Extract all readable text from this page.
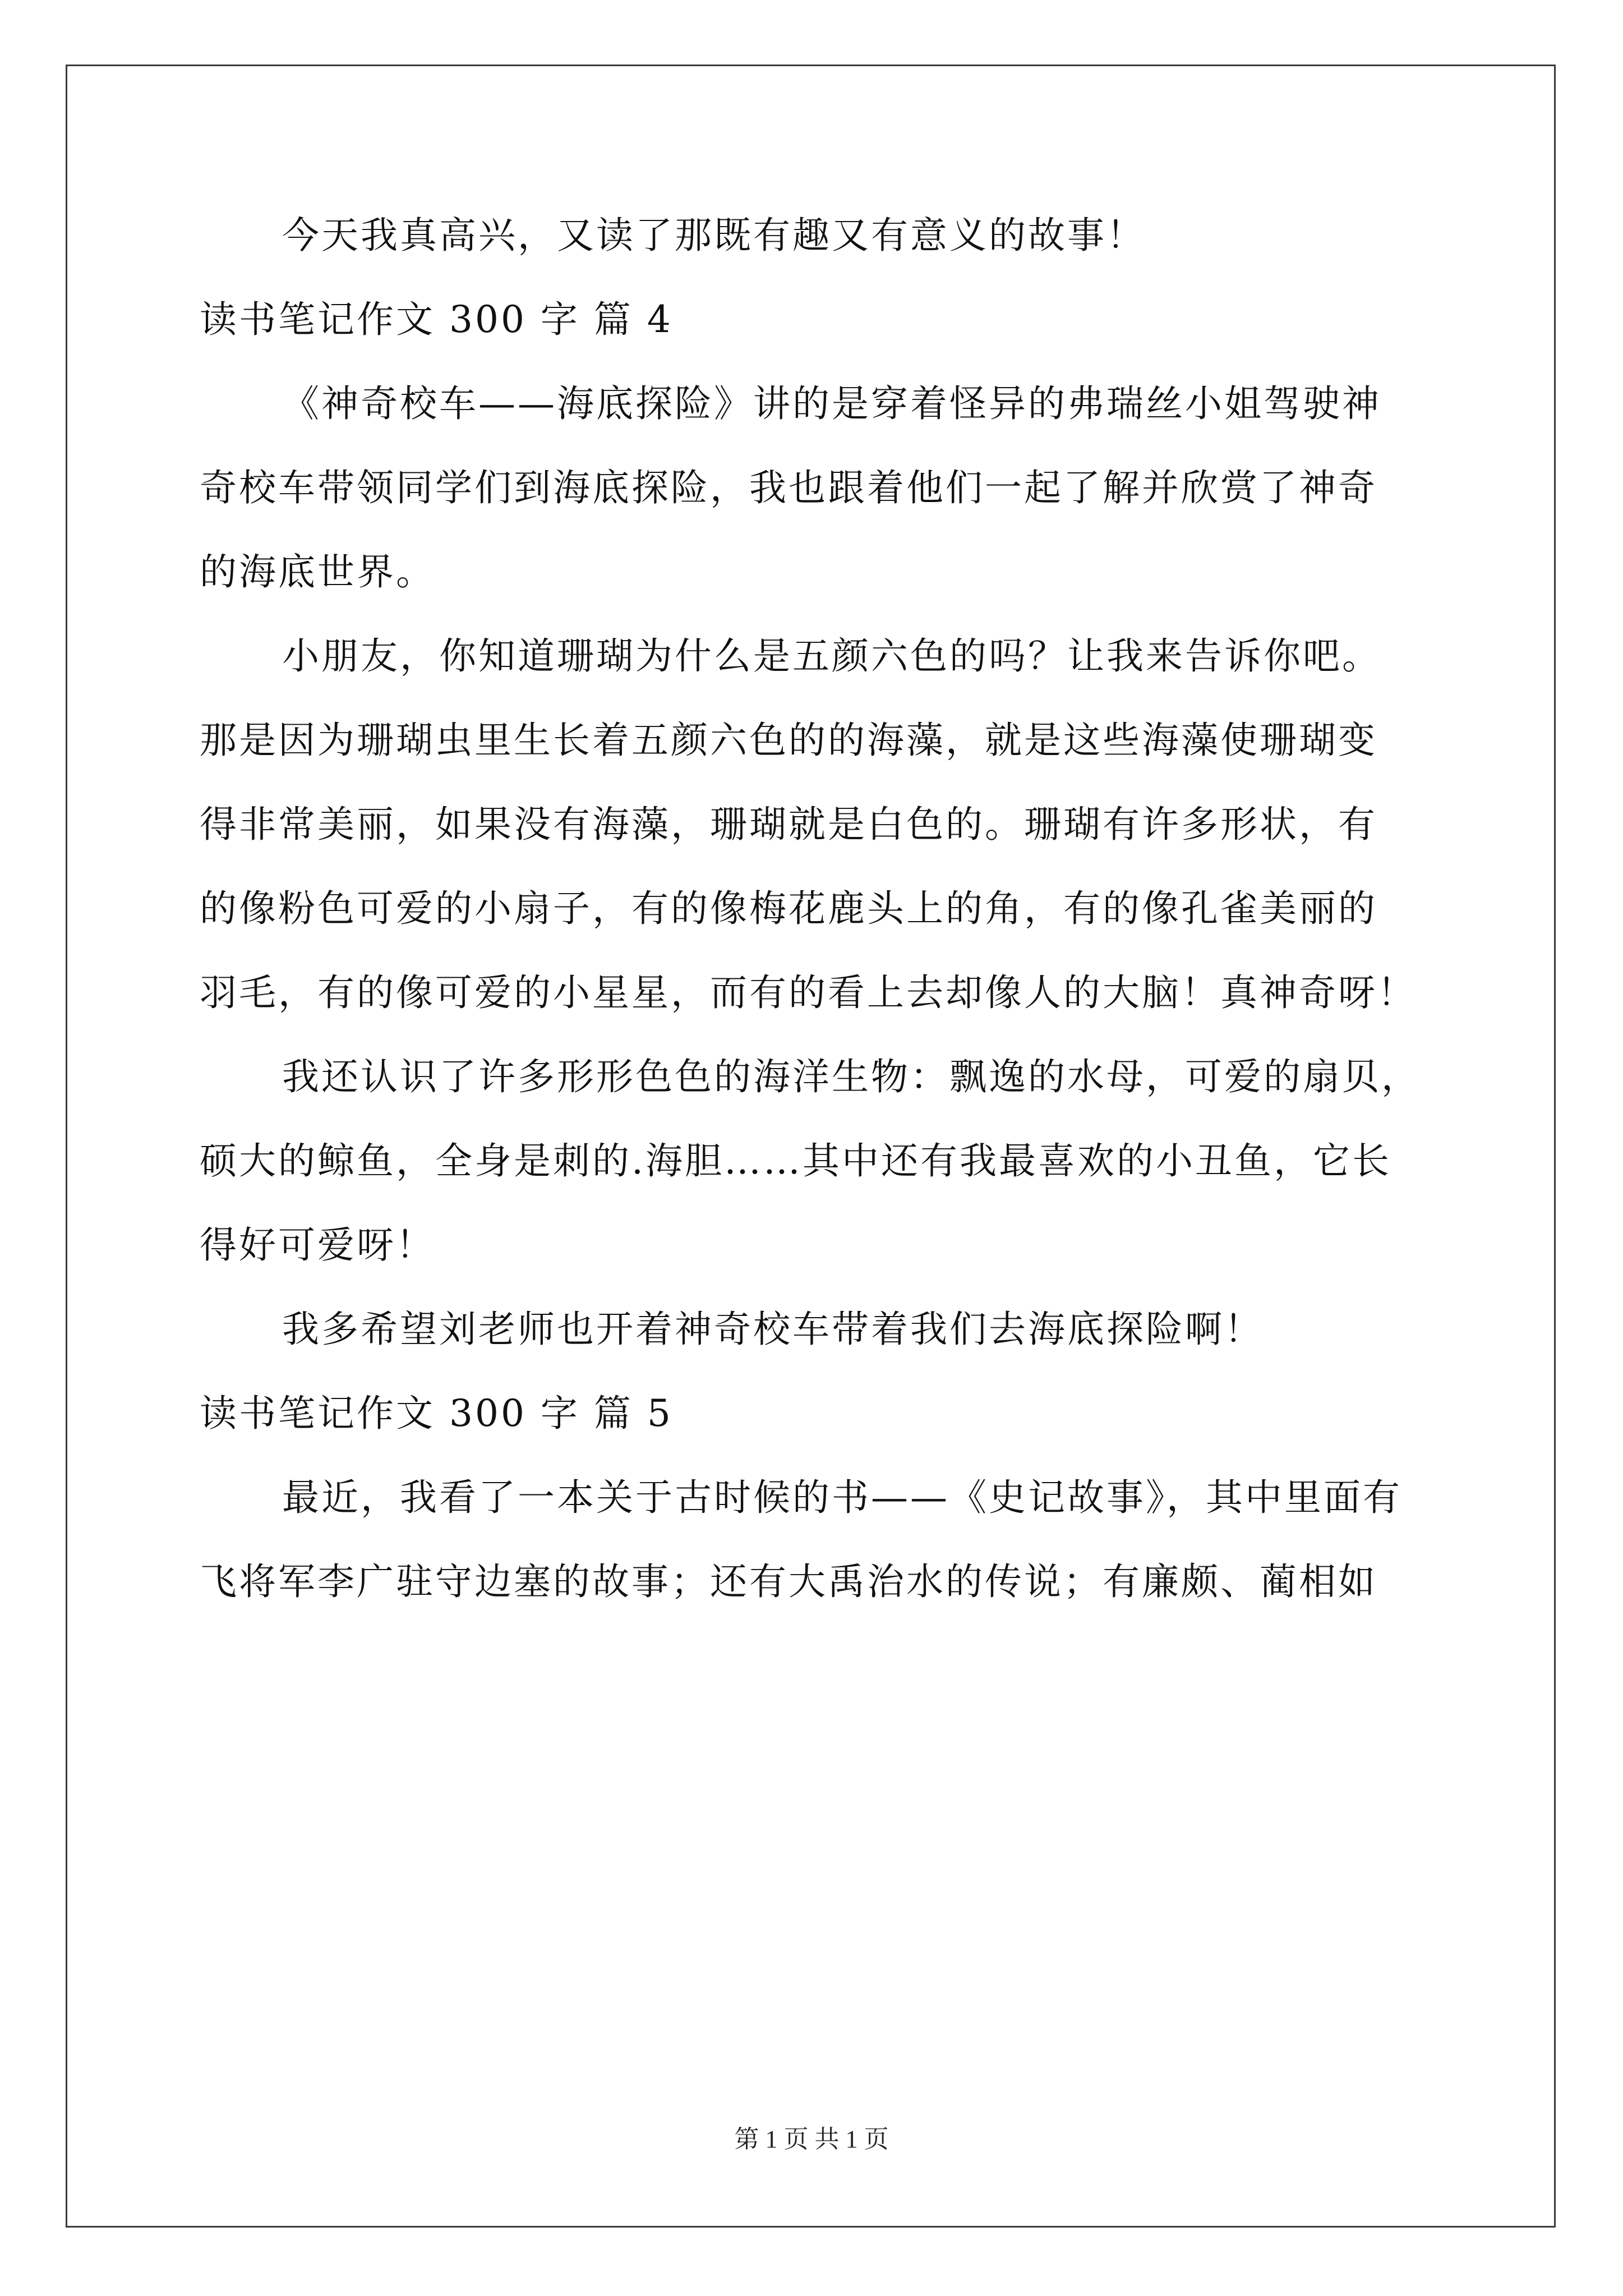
今天我真高兴，又读了那既有趣又有意义的故事！
读书笔记作文 300 字 篇 4
《神奇校车——海底探险》讲的是穿着怪异的弗瑞丝小姐驾驶神
奇校车带领同学们到海底探险，我也跟着他们一起了解并欣赏了神奇
的海底世界。
小朋友，你知道珊瑚为什么是五颜六色的吗？让我来告诉你吧。
那是因为珊瑚虫里生长着五颜六色的的海藻，就是这些海藻使珊瑚变
得非常美丽，如果没有海藻，珊瑚就是白色的。珊瑚有许多形状，有
的像粉色可爱的小扇子，有的像梅花鹿头上的角，有的像孔雀美丽的
羽毛，有的像可爱的小星星，而有的看上去却像人的大脑！真神奇呀！
我还认识了许多形形色色的海洋生物：飘逸的水母，可爱的扇贝，
硕大的鲸鱼，全身是刺的.海胆……其中还有我最喜欢的小丑鱼，它长
得好可爱呀！
我多希望刘老师也开着神奇校车带着我们去海底探险啊！
读书笔记作文 300 字 篇 5
最近，我看了一本关于古时候的书——《史记故事》，其中里面有
飞将军李广驻守边塞的故事；还有大禹治水的传说；有廉颇、蔺相如
第 1 页 共 1 页
